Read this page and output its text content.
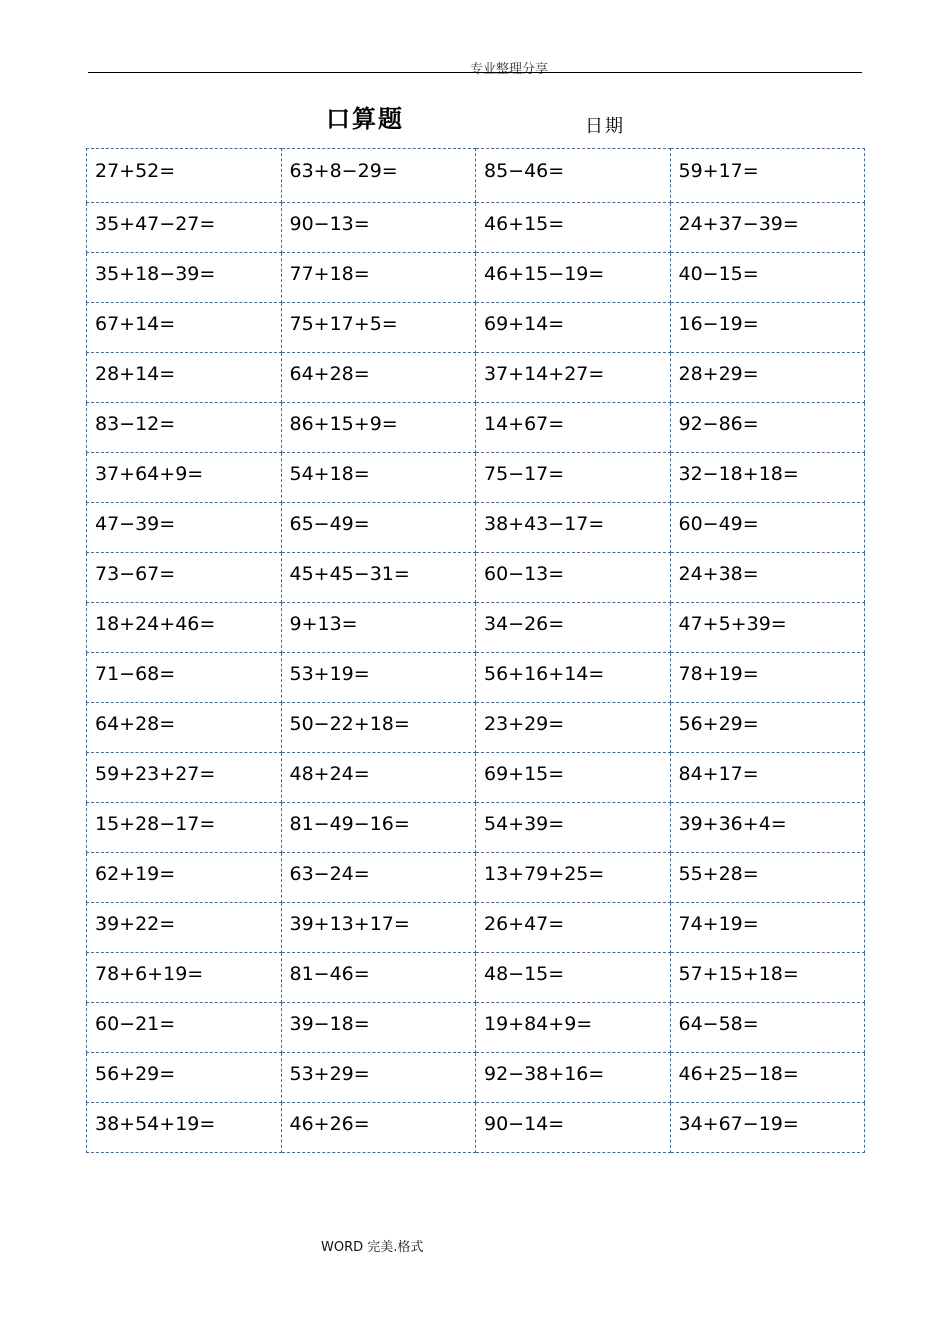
专业整理分享
口算题	日期
27+52=	63+8−29=	85−46=	59+17=

35+47−27=	90−13=	46+15=	24+37−39=

35+18−39=	77+18=	46+15−19=	40−15=

67+14=	75+17+5=	69+14=	16−19=

28+14=	64+28=	37+14+27=	28+29=

83−12=	86+15+9=	14+67=	92−86=

37+64+9=	54+18=	75−17=	32−18+18=

47−39=	65−49=	38+43−17=	60−49=

73−67=	45+45−31=	60−13=	24+38=

18+24+46=	9+13=	34−26=	47+5+39=

71−68=	53+19=	56+16+14=	78+19=

64+28=	50−22+18=	23+29=	56+29=

59+23+27=	48+24=	69+15=	84+17=

15+28−17=	81−49−16=	54+39=	39+36+4=

62+19=	63−24=	13+79+25=	55+28=

39+22=	39+13+17=	26+47=	74+19=

78+6+19=	81−46=	48−15=	57+15+18=

60−21=	39−18=	19+84+9=	64−58=

56+29=	53+29=	92−38+16=	46+25−18=

38+54+19=	46+26=	90−14=	34+67−19=
WORD 完美.格式
